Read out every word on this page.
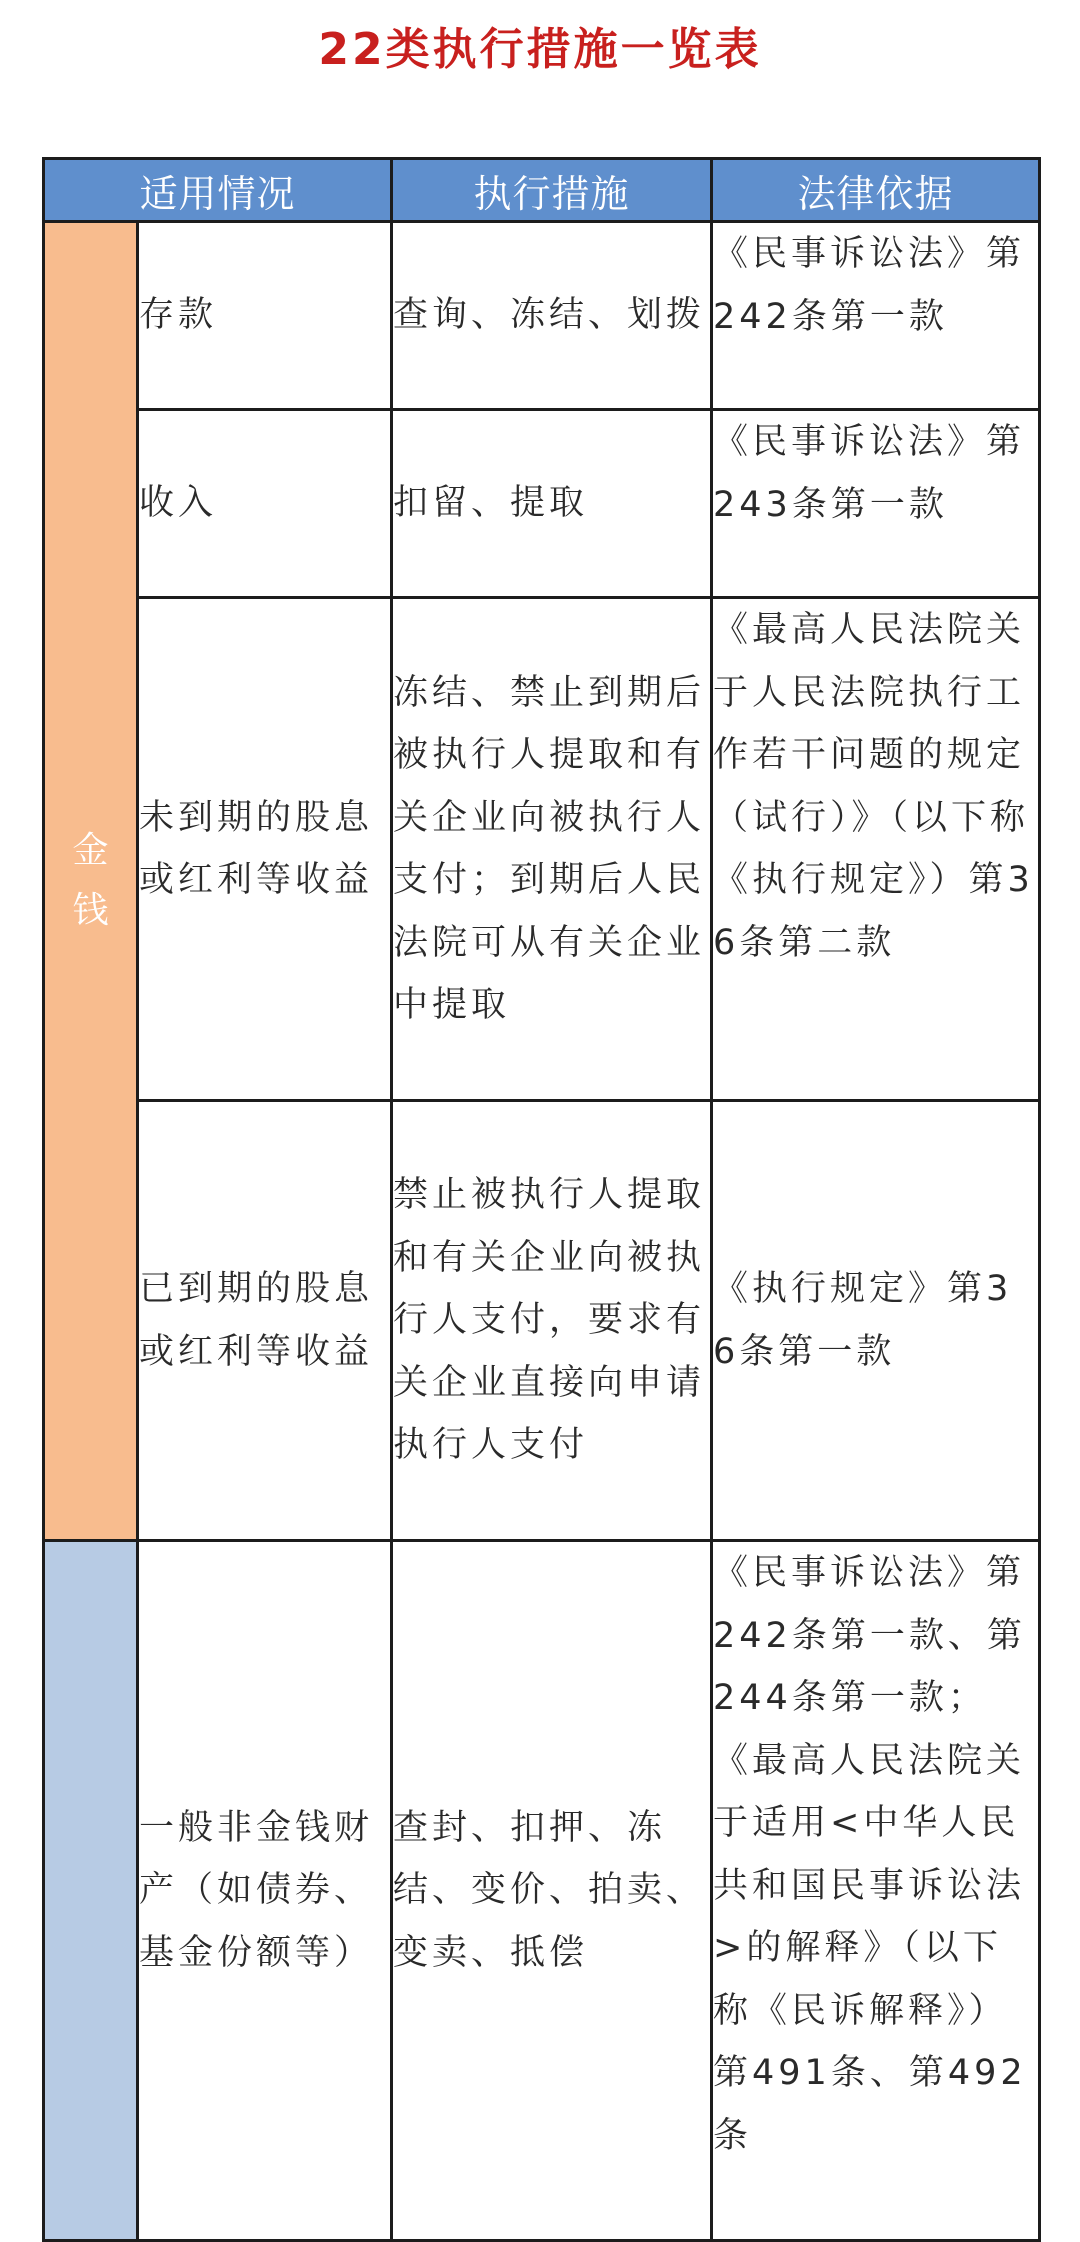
22类执行措施一览表
适用情况		执行措施	法律依据
金钱	存款	查询、冻结、划拨	《民事诉讼法》第242条第一款
	收入	扣留、提取	《民事诉讼法》第243条第一款
	未到期的股息或红利等收益	冻结、禁止到期后被执行人提取和有关企业向被执行人支付；到期后人民法院可从有关企业中提取	《最高人民法院关于人民法院执行工作若干问题的规定（试行）》（以下称《执行规定》）第36条第二款
	已到期的股息或红利等收益	禁止被执行人提取和有关企业向被执行人支付，要求有关企业直接向申请执行人支付	《执行规定》第36条第一款
	一般非金钱财产（如债券、基金份额等）	查封、扣押、冻结、变价、拍卖、变卖、抵偿	《民事诉讼法》第242条第一款、第244条第一款；《最高人民法院关于适用<中华人民共和国民事诉讼法>的解释》（以下称《民诉解释》）第491条、第492条
